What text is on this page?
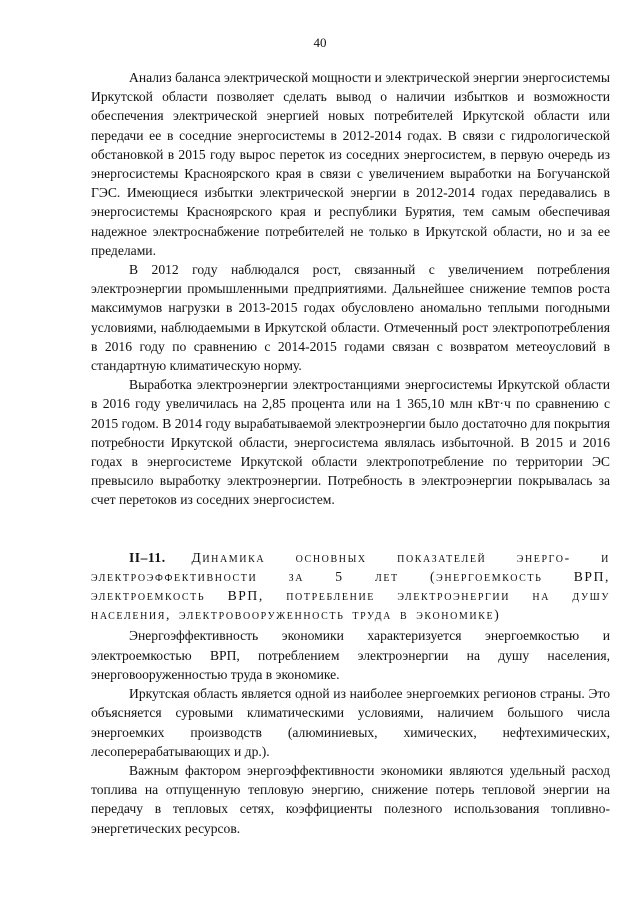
40

Анализ баланса электрической мощности и электрической энергии энергосистемы Иркутской области позволяет сделать вывод о наличии избытков и возможности обеспечения электрической энергией новых потребителей Иркутской области или передачи ее в соседние энергосистемы в 2012-2014 годах. В связи с гидрологической обстановкой в 2015 году вырос переток из соседних энергосистем, в первую очередь из энергосистемы Красноярского края в связи с увеличением выработки на Богучанской ГЭС. Имеющиеся избытки электрической энергии в 2012-2014 годах передавались в энергосистемы Красноярского края и республики Бурятия, тем самым обеспечивая надежное электроснабжение потребителей не только в Иркутской области, но и за ее пределами.

В 2012 году наблюдался рост, связанный с увеличением потребления электроэнергии промышленными предприятиями. Дальнейшее снижение темпов роста максимумов нагрузки в 2013-2015 годах обусловлено аномально теплыми погодными условиями, наблюдаемыми в Иркутской области. Отмеченный рост электропотребления в 2016 году по сравнению с 2014-2015 годами связан с возвратом метеоусловий в стандартную климатическую норму.

Выработка электроэнергии электростанциями энергосистемы Иркутской области в 2016 году увеличилась на 2,85 процента или на 1 365,10 млн кВт·ч по сравнению с 2015 годом. В 2014 году вырабатываемой электроэнергии было достаточно для покрытия потребности Иркутской области, энергосистема являлась избыточной. В 2015 и 2016 годах в энергосистеме Иркутской области электропотребление по территории ЭС превысило выработку электроэнергии. Потребность в электроэнергии покрывалась за счет перетоков из соседних энергосистем.

II–11. Динамика основных показателей энерго- и электроэффективности за 5 лет (энергоемкость ВРП, электроемкость ВРП, потребление электроэнергии на душу населения, электровооруженность труда в экономике)

Энергоэффективность экономики характеризуется энергоемкостью и электроемкостью ВРП, потреблением электроэнергии на душу населения, энерговооруженностью труда в экономике.

Иркутская область является одной из наиболее энергоемких регионов страны. Это объясняется суровыми климатическими условиями, наличием большого числа энергоемких производств (алюминиевых, химических, нефтехимических, лесоперерабатывающих и др.).

Важным фактором энергоэффективности экономики являются удельный расход топлива на отпущенную тепловую энергию, снижение потерь тепловой энергии на передачу в тепловых сетях, коэффициенты полезного использования топливно-энергетических ресурсов.
